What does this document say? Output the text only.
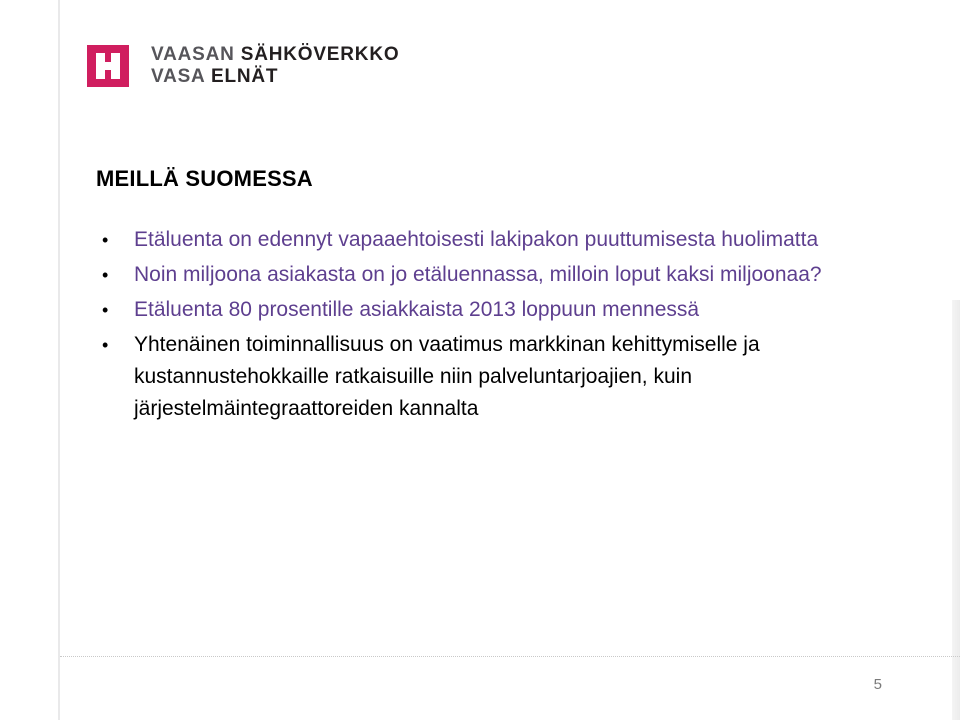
VAASAN SÄHKÖVERKKO
VASA ELNÄT
MEILLÄ SUOMESSA
• Etäluenta on edennyt vapaaehtoisesti lakipakon puuttumisesta huolimatta
• Noin miljoona asiakasta on jo etäluennassa, milloin loput kaksi miljoonaa?
• Etäluenta 80 prosentille asiakkaista 2013 loppuun mennessä
• Yhtenäinen toiminnallisuus on vaatimus markkinan kehittymiselle ja kustannustehokkaille ratkaisuille niin palveluntarjoajien, kuin järjestelmäintegraattoreiden kannalta
5
